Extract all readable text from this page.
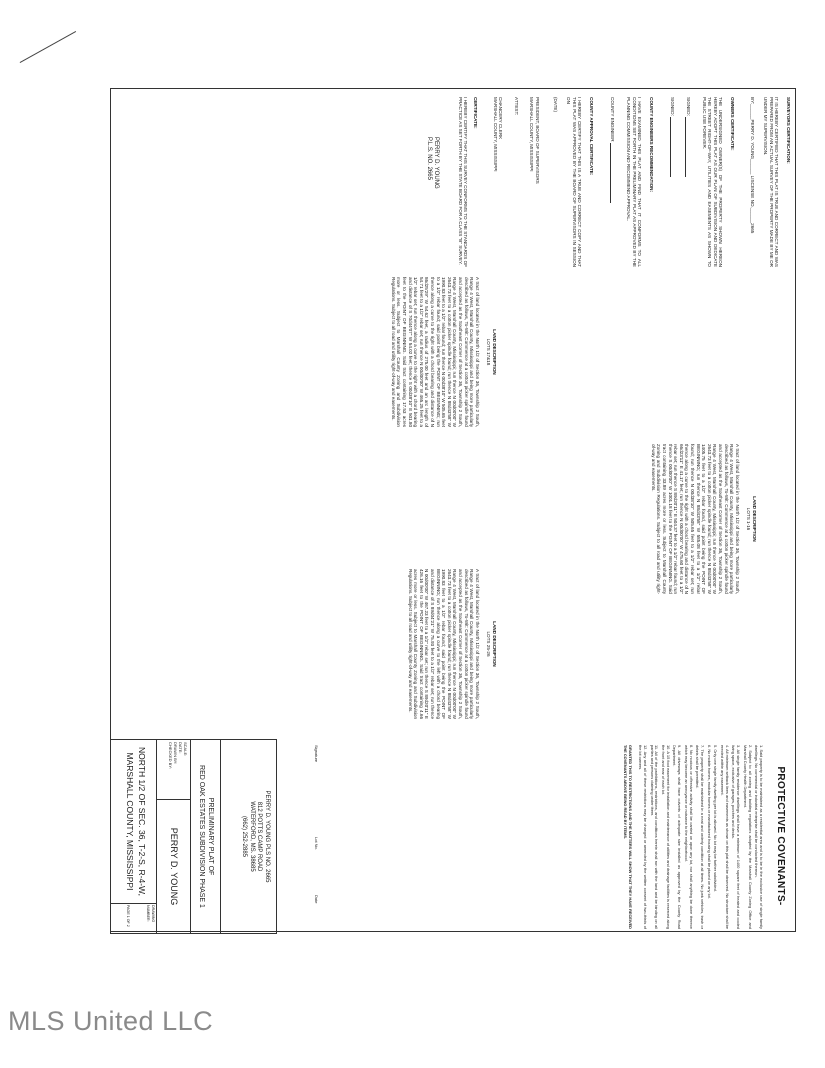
SURVEYORS CERTIFICATION:
IT IS HEREBY CERTIFIED THAT THIS PLAT IS TRUE AND CORRECT AND WAS PREPARED FROM AN ACTUAL SURVEY OF THE PROPERTY MADE BY ME OR UNDER MY SUPERVISION.
BY:______PERRY D. YOUNG______ LISCENSE NO.______2665
OWNERS CERTIFICATE:
THE UNDERSIGNED OWNER(S) OF THE PROPERTY SHOWN HEREON HEREBY ADOPT THIS PLAT AS OUR PLAN OF SUBDIVISION AND DEDICATE THE STREET RIGHT-OF-WAY, UTILITIES AND EASEMENTS AS SHOWN TO PUBLIC USE FOREVER.
SIGNED:
SIGNED:
COUNTY ENGINEERS RECOMMENDATION:
I HAVE EXAMINED THIS PLAT AND FIND THAT IT CONFORMS TO ALL CONDITIONS SET FORTH IN THE PRELIMINARY PLAT AS APPROVED BY THE PLANNING COMMISSION AND RECOMMEND APPROVAL.
COUNTY ENGINEER
COUNTY APPROVAL CERTIFICATE:
I HEREBY CERTIFY THAT THIS IS A TRUE AND CORRECT COPY AND THAT THIS PLAT WAS APPROVED BY THE BOARD OF SUPERVISORS IN SESSION ON
(DATE)
PRESIDENT, BOARD OF SUPERVISORS
MARSHALL COUNTY, MISSISSIPPI
ATTEST:
CHANCERY CLERK
MARSHALL COUNTY, MISSISSIPPI
CERTIFICATE:
I HEREBY CERTIFY THAT THIS SURVEY CONFORMS TO THE STANDARDS OF PRACTICE AS SET FORTH BY THE STATE BOARD FOR A CLASS "B" SURVEY.
PERRY D. YOUNG
P.L.S. NO. 2665
LAND DESCRIPTION
LOTS 17&18
A tract of land located in the North 1/2 of Section 36, Township 2 South, Range 4 West, Marshall County, Mississippi and being more particularly described as follows, To-Wit: Commence at a cotton picker spindle found and accepted as the Southeast Corner of Section 36, Township 2 South, Range 4 West, Marshall County, Mississippi; run thence N 00d00'00" W 2643.73 feet to a cotton picker spindle found; run thence N 88d43'58" W 1990.83 feet to a 1/2" rebar found; run thence N 00d38'10" W 505.65 feet to a 1/2" rebar found; said point being the POINT OF BEGINNING; run thence along a curve to the right with a chord bearing and distance of N 86d25'29" W 54.62 feet, a radius of 275.00 feet and an arc length of 54.71 feet to a 1/2" rebar set; run thence N 00d00'00" W 465.25 feet to a 1/2" rebar set; run thence along a curve to the right with a chord bearing and distance of S 70d44'07" W 54.02 feet; thence S 00d38'10" E 501.80 feet to the POINT OF BEGINNING. Said tract containing 17.53 acres more or less. Subject to Marshall County Zoning and Subdivision Regulations. Subject to all road and utility right-of-way and easements.
LAND DESCRIPTION
LOTS 1-16
A tract of land located in the North 1/2 of Section 36, Township 2 South, Range 4 West, Marshall County, Mississippi and being more particularly described as follows, To-Wit: Commence at a cotton picker spindle found and accepted as the Southeast Corner of Section 36, Township 2 South, Range 4 West, Marshall County, Mississippi; run thence N 00d00'00" W 2643.73 feet to a cotton picker spindle found; run thence N 88d43'58" W 1405.75 feet to a 1/2" rebar found, said point being the POINT OF BEGINNING; run thence N 88d43'58" W 585.08 feet to a 1/2" rebar found; run thence N 00d38'10" W 505.65 feet to a 1/2" rebar set; run thence along a curve to the right with a chord bearing and distance of N 66d23'11" E 41.17 feet; run thence N 00d00'00" W 475.60 feet to a 1/2" rebar set; run thence S 89d20'11" E 504.37 feet to a 1/2" rebar found; run thence S 00d00'00" W 1001.18 feet to the POINT OF BEGINNING. Said tract containing 33.89 acres more or less. Subject to Marshall County Zoning and Subdivision Regulations. Subject to all road and utility right-of-way and easements.
LAND DESCRIPTION
LOTS 25-26
A tract of land located in the North 1/2 of Section 36, Township 2 South, Range 4 West, Marshall County, Mississippi and being more particularly described as follows, To-Wit: Commence at a cotton picker spindle found and accepted as the Southeast Corner of Section 36, Township 2 South, Range 4 West, Marshall County, Mississippi; run thence N 00d00'00" W 2643.73 feet to a cotton picker spindle found; run thence N 88d43'58" W 1990.83 feet to a 1/2" rebar found; said point being the POINT OF BEGINNING; run thence along a curve to the left with a chord bearing and distance of S 89d04'21" W 75.93 feet to a 1/2" rebar set; run thence N 00d00'00" W 467.23 feet to a 1/2" rebar set; run thence S 89d20'11" E 426.16 feet to the POINT OF BEGINNING. Said tract containing 4.66 acres more or less. Subject to Marshall County Zoning and Subdivision Regulations. Subject to all road and utility right-of-way and easements.
PROTECTIVE COVENANTS-
1. Said property is to be maintained as a residential area and is to be in the exclusive use of single family dwellings. No commercial or industrial enterprise shall be conducted thereon.
2. Subject to all zoning and building regulations adopted by the Marshall County Zoning Office and Marshall County Health Department.
3. All single family residence dwellings shall have a minimum of 1400 square feet of heated and cooled living space, exclusive of garages, porches and decks.
4. All minimum setback lines and easements as shown on this plat shall be observed. No structure shall be erected within any easement.
5. Only one single family dwelling per lot is allowed. No lot may be further subdivided.
6. No mobile homes, modular homes or manufactured housing shall be placed on any lot.
7. The property shall be maintained in a neat and orderly condition at all times. No junk vehicles, trash or debris shall be permitted.
8. No noxious or offensive activity shall be carried on upon any lot, nor shall anything be done thereon which may become an annoyance or nuisance to the neighborhood.
9. All driveways shall have culverts of adequate size installed as approved by the County Road Department.
10. A 15 foot easement for installation and maintenance of utilities and drainage facilities is reserved along the front and rear of each lot.
11. All of the prohibitions, restrictions, and conditions herein shall run with the land and be binding on all parties and persons claiming under them.
12. Any and all of these restrictions may be changed or amended by the written consent of two-thirds of the lot owners.
GRANTED THIS TO RESTRICTIONS AND THE MATTERS WILL SHOW THAT THEY HAVE RECEIVED THE COVENANTS ABOVE BEING READ BY ITEMS.
Signature
Lot No.
Date
PERRY D. YOUNG PLS NO. 2665
812 POTTS CAMP ROAD
WATERFORD, MS. 38685
(662) 252-2885
PRELIMINARY PLAT OF
RED OAK ESTATES SUBDIVISION PHASE 1
SCALE:
DATE:
DRAWN BY:
CHECKED BY:
PERRY D. YOUNG
NORTH 1/2 OF SEC. 36, T-2-S, R-4-W,
MARSHALL COUNTY, MISSISSIPPI
DRAWING NUMBER:
PAGE 1 OF 2
MLS United LLC
